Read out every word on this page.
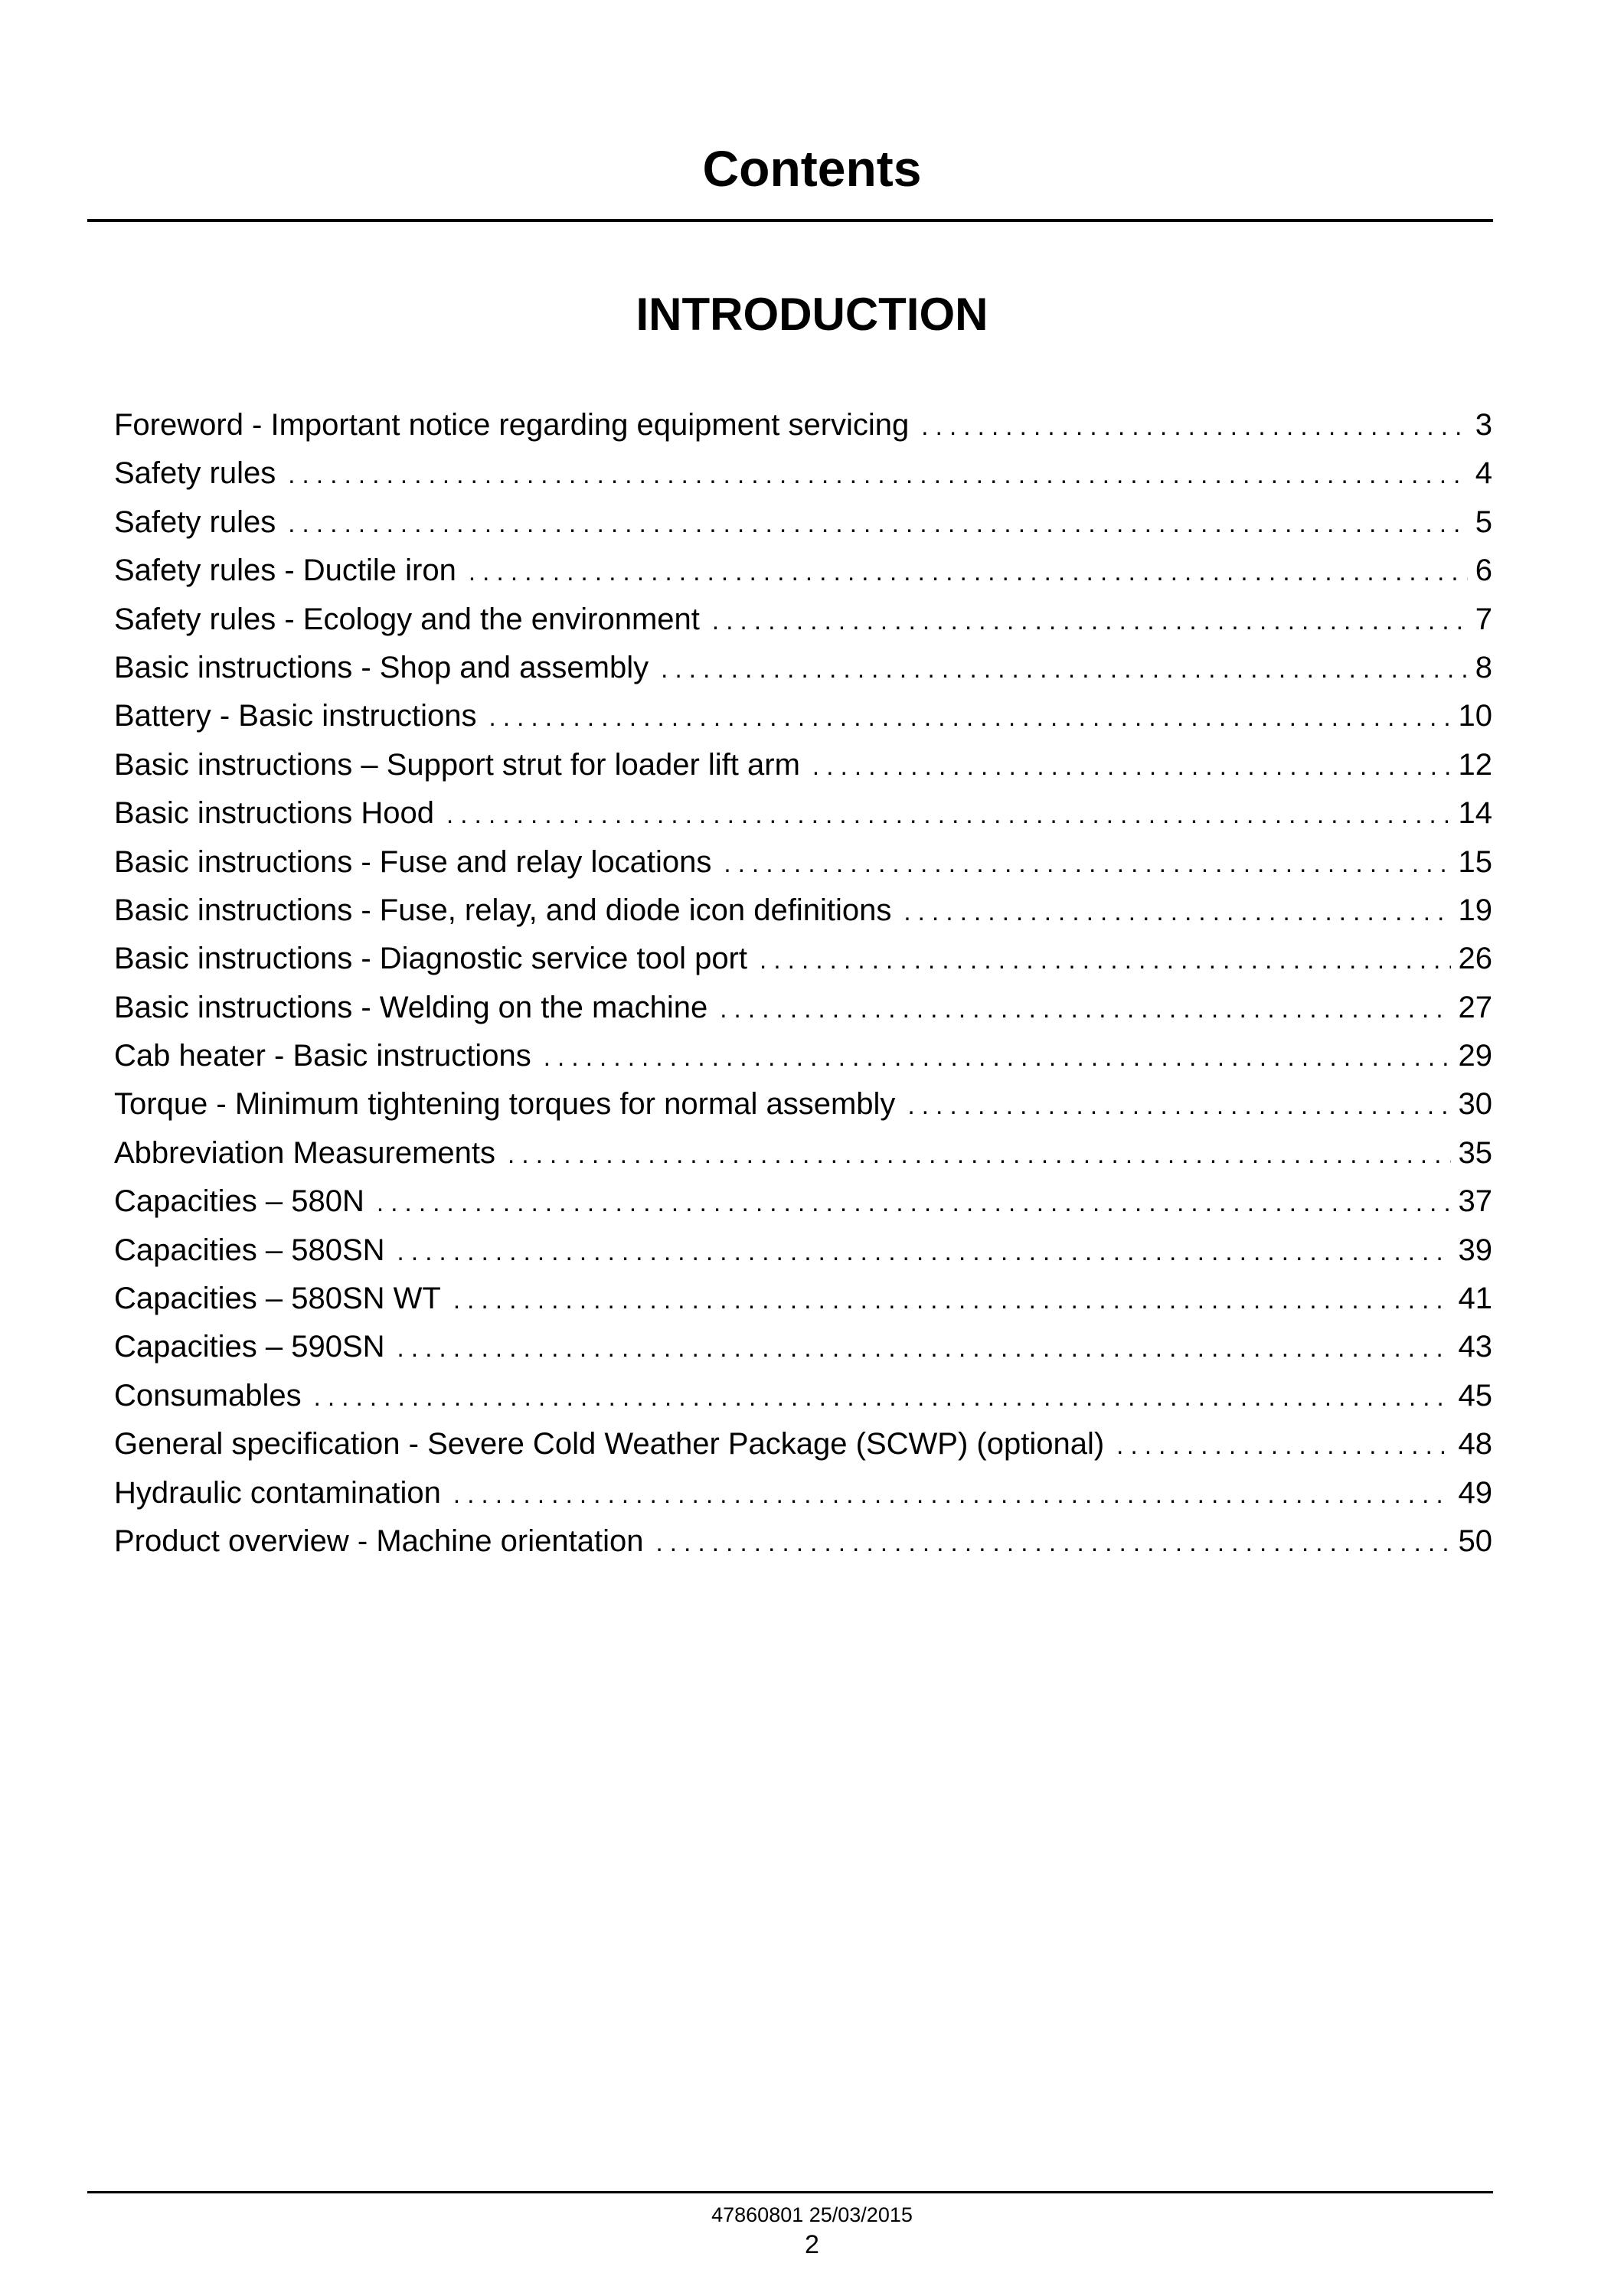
Contents
INTRODUCTION
Foreword - Important notice regarding equipment servicing . . .	3
Safety rules . . .	4
Safety rules . . .	5
Safety rules - Ductile iron . . .	6
Safety rules - Ecology and the environment . . .	7
Basic instructions - Shop and assembly . . .	8
Battery - Basic instructions . . .	10
Basic instructions – Support strut for loader lift arm . . .	12
Basic instructions Hood . . .	14
Basic instructions - Fuse and relay locations . . .	15
Basic instructions - Fuse, relay, and diode icon definitions . . .	19
Basic instructions - Diagnostic service tool port . . .	26
Basic instructions - Welding on the machine . . .	27
Cab heater - Basic instructions . . .	29
Torque - Minimum tightening torques for normal assembly . . .	30
Abbreviation Measurements . . .	35
Capacities – 580N . . .	37
Capacities – 580SN . . .	39
Capacities – 580SN WT . . .	41
Capacities – 590SN . . .	43
Consumables . . .	45
General specification - Severe Cold Weather Package (SCWP) (optional) . . .	48
Hydraulic contamination . . .	49
Product overview - Machine orientation . . .	50
47860801 25/03/2015
2
